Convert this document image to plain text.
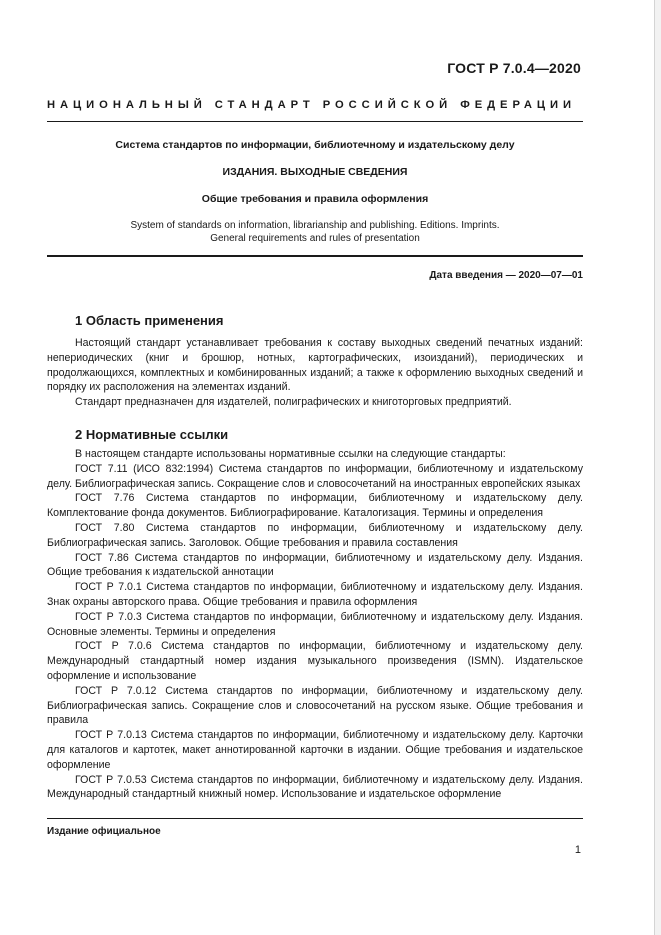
ГОСТ Р 7.0.4—2020
НАЦИОНАЛЬНЫЙ СТАНДАРТ РОССИЙСКОЙ ФЕДЕРАЦИИ
Система стандартов по информации, библиотечному и издательскому делу
ИЗДАНИЯ. ВЫХОДНЫЕ СВЕДЕНИЯ
Общие требования и правила оформления
System of standards on information, librarianship and publishing. Editions. Imprints.
General requirements and rules of presentation
Дата введения — 2020—07—01
1 Область применения

Настоящий стандарт устанавливает требования к составу выходных сведений печатных изданий: непериодических (книг и брошюр, нотных, картографических, изоизданий), периодических и продолжающихся, комплектных и комбинированных изданий; а также к оформлению выходных сведений и порядку их расположения на элементах изданий.

Стандарт предназначен для издателей, полиграфических и книготорговых предприятий.

2 Нормативные ссылки

В настоящем стандарте использованы нормативные ссылки на следующие стандарты:

ГОСТ 7.11 (ИСО 832:1994) Система стандартов по информации, библиотечному и издательскому делу. Библиографическая запись. Сокращение слов и словосочетаний на иностранных европейских языках

ГОСТ 7.76 Система стандартов по информации, библиотечному и издательскому делу. Комплектование фонда документов. Библиографирование. Каталогизация. Термины и определения

ГОСТ 7.80 Система стандартов по информации, библиотечному и издательскому делу. Библиографическая запись. Заголовок. Общие требования и правила составления

ГОСТ 7.86 Система стандартов по информации, библиотечному и издательскому делу. Издания. Общие требования к издательской аннотации

ГОСТ Р 7.0.1 Система стандартов по информации, библиотечному и издательскому делу. Издания. Знак охраны авторского права. Общие требования и правила оформления

ГОСТ Р 7.0.3 Система стандартов по информации, библиотечному и издательскому делу. Издания. Основные элементы. Термины и определения

ГОСТ Р 7.0.6 Система стандартов по информации, библиотечному и издательскому делу. Международный стандартный номер издания музыкального произведения (ISMN). Издательское оформление и использование

ГОСТ Р 7.0.12 Система стандартов по информации, библиотечному и издательскому делу. Библиографическая запись. Сокращение слов и словосочетаний на русском языке. Общие требования и правила

ГОСТ Р 7.0.13 Система стандартов по информации, библиотечному и издательскому делу. Карточки для каталогов и картотек, макет аннотированной карточки в издании. Общие требования и издательское оформление

ГОСТ Р 7.0.53 Система стандартов по информации, библиотечному и издательскому делу. Издания. Международный стандартный книжный номер. Использование и издательское оформление

Издание официальное
1
